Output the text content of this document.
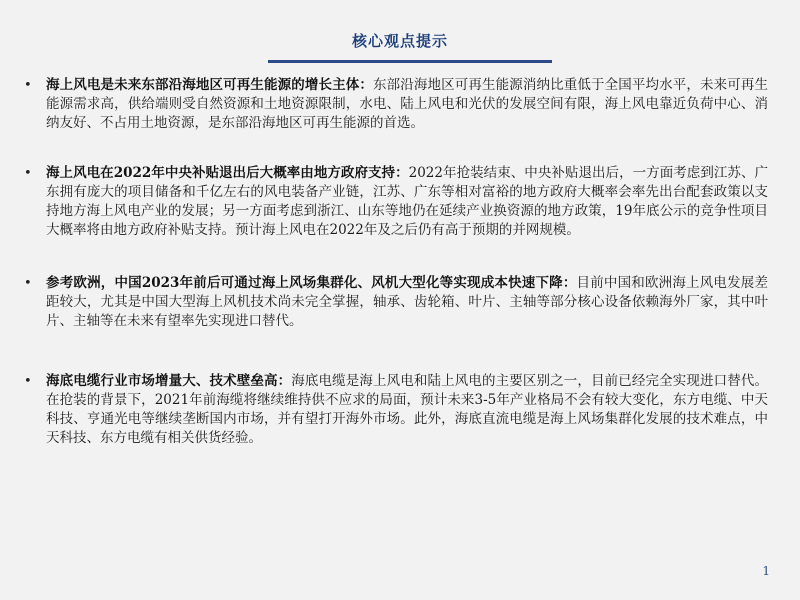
核心观点提示
• 海上风电是未来东部沿海地区可再生能源的增长主体：东部沿海地区可再生能源消纳比重低于全国平均水平，未来可再生能源需求高，供给端则受自然资源和土地资源限制，水电、陆上风电和光伏的发展空间有限，海上风电靠近负荷中心、消纳友好、不占用土地资源，是东部沿海地区可再生能源的首选。
• 海上风电在2022年中央补贴退出后大概率由地方政府支持：2022年抢装结束、中央补贴退出后，一方面考虑到江苏、广东拥有庞大的项目储备和千亿左右的风电装备产业链，江苏、广东等相对富裕的地方政府大概率会率先出台配套政策以支持地方海上风电产业的发展；另一方面考虑到浙江、山东等地仍在延续产业换资源的地方政策，19年底公示的竞争性项目大概率将由地方政府补贴支持。预计海上风电在2022年及之后仍有高于预期的并网规模。
• 参考欧洲，中国2023年前后可通过海上风场集群化、风机大型化等实现成本快速下降：目前中国和欧洲海上风电发展差距较大，尤其是中国大型海上风机技术尚未完全掌握，轴承、齿轮箱、叶片、主轴等部分核心设备依赖海外厂家，其中叶片、主轴等在未来有望率先实现进口替代。
• 海底电缆行业市场增量大、技术壁垒高：海底电缆是海上风电和陆上风电的主要区别之一，目前已经完全实现进口替代。在抢装的背景下，2021年前海缆将继续维持供不应求的局面，预计未来3-5年产业格局不会有较大变化，东方电缆、中天科技、亨通光电等继续垄断国内市场，并有望打开海外市场。此外，海底直流电缆是海上风场集群化发展的技术难点，中天科技、东方电缆有相关供货经验。
1
